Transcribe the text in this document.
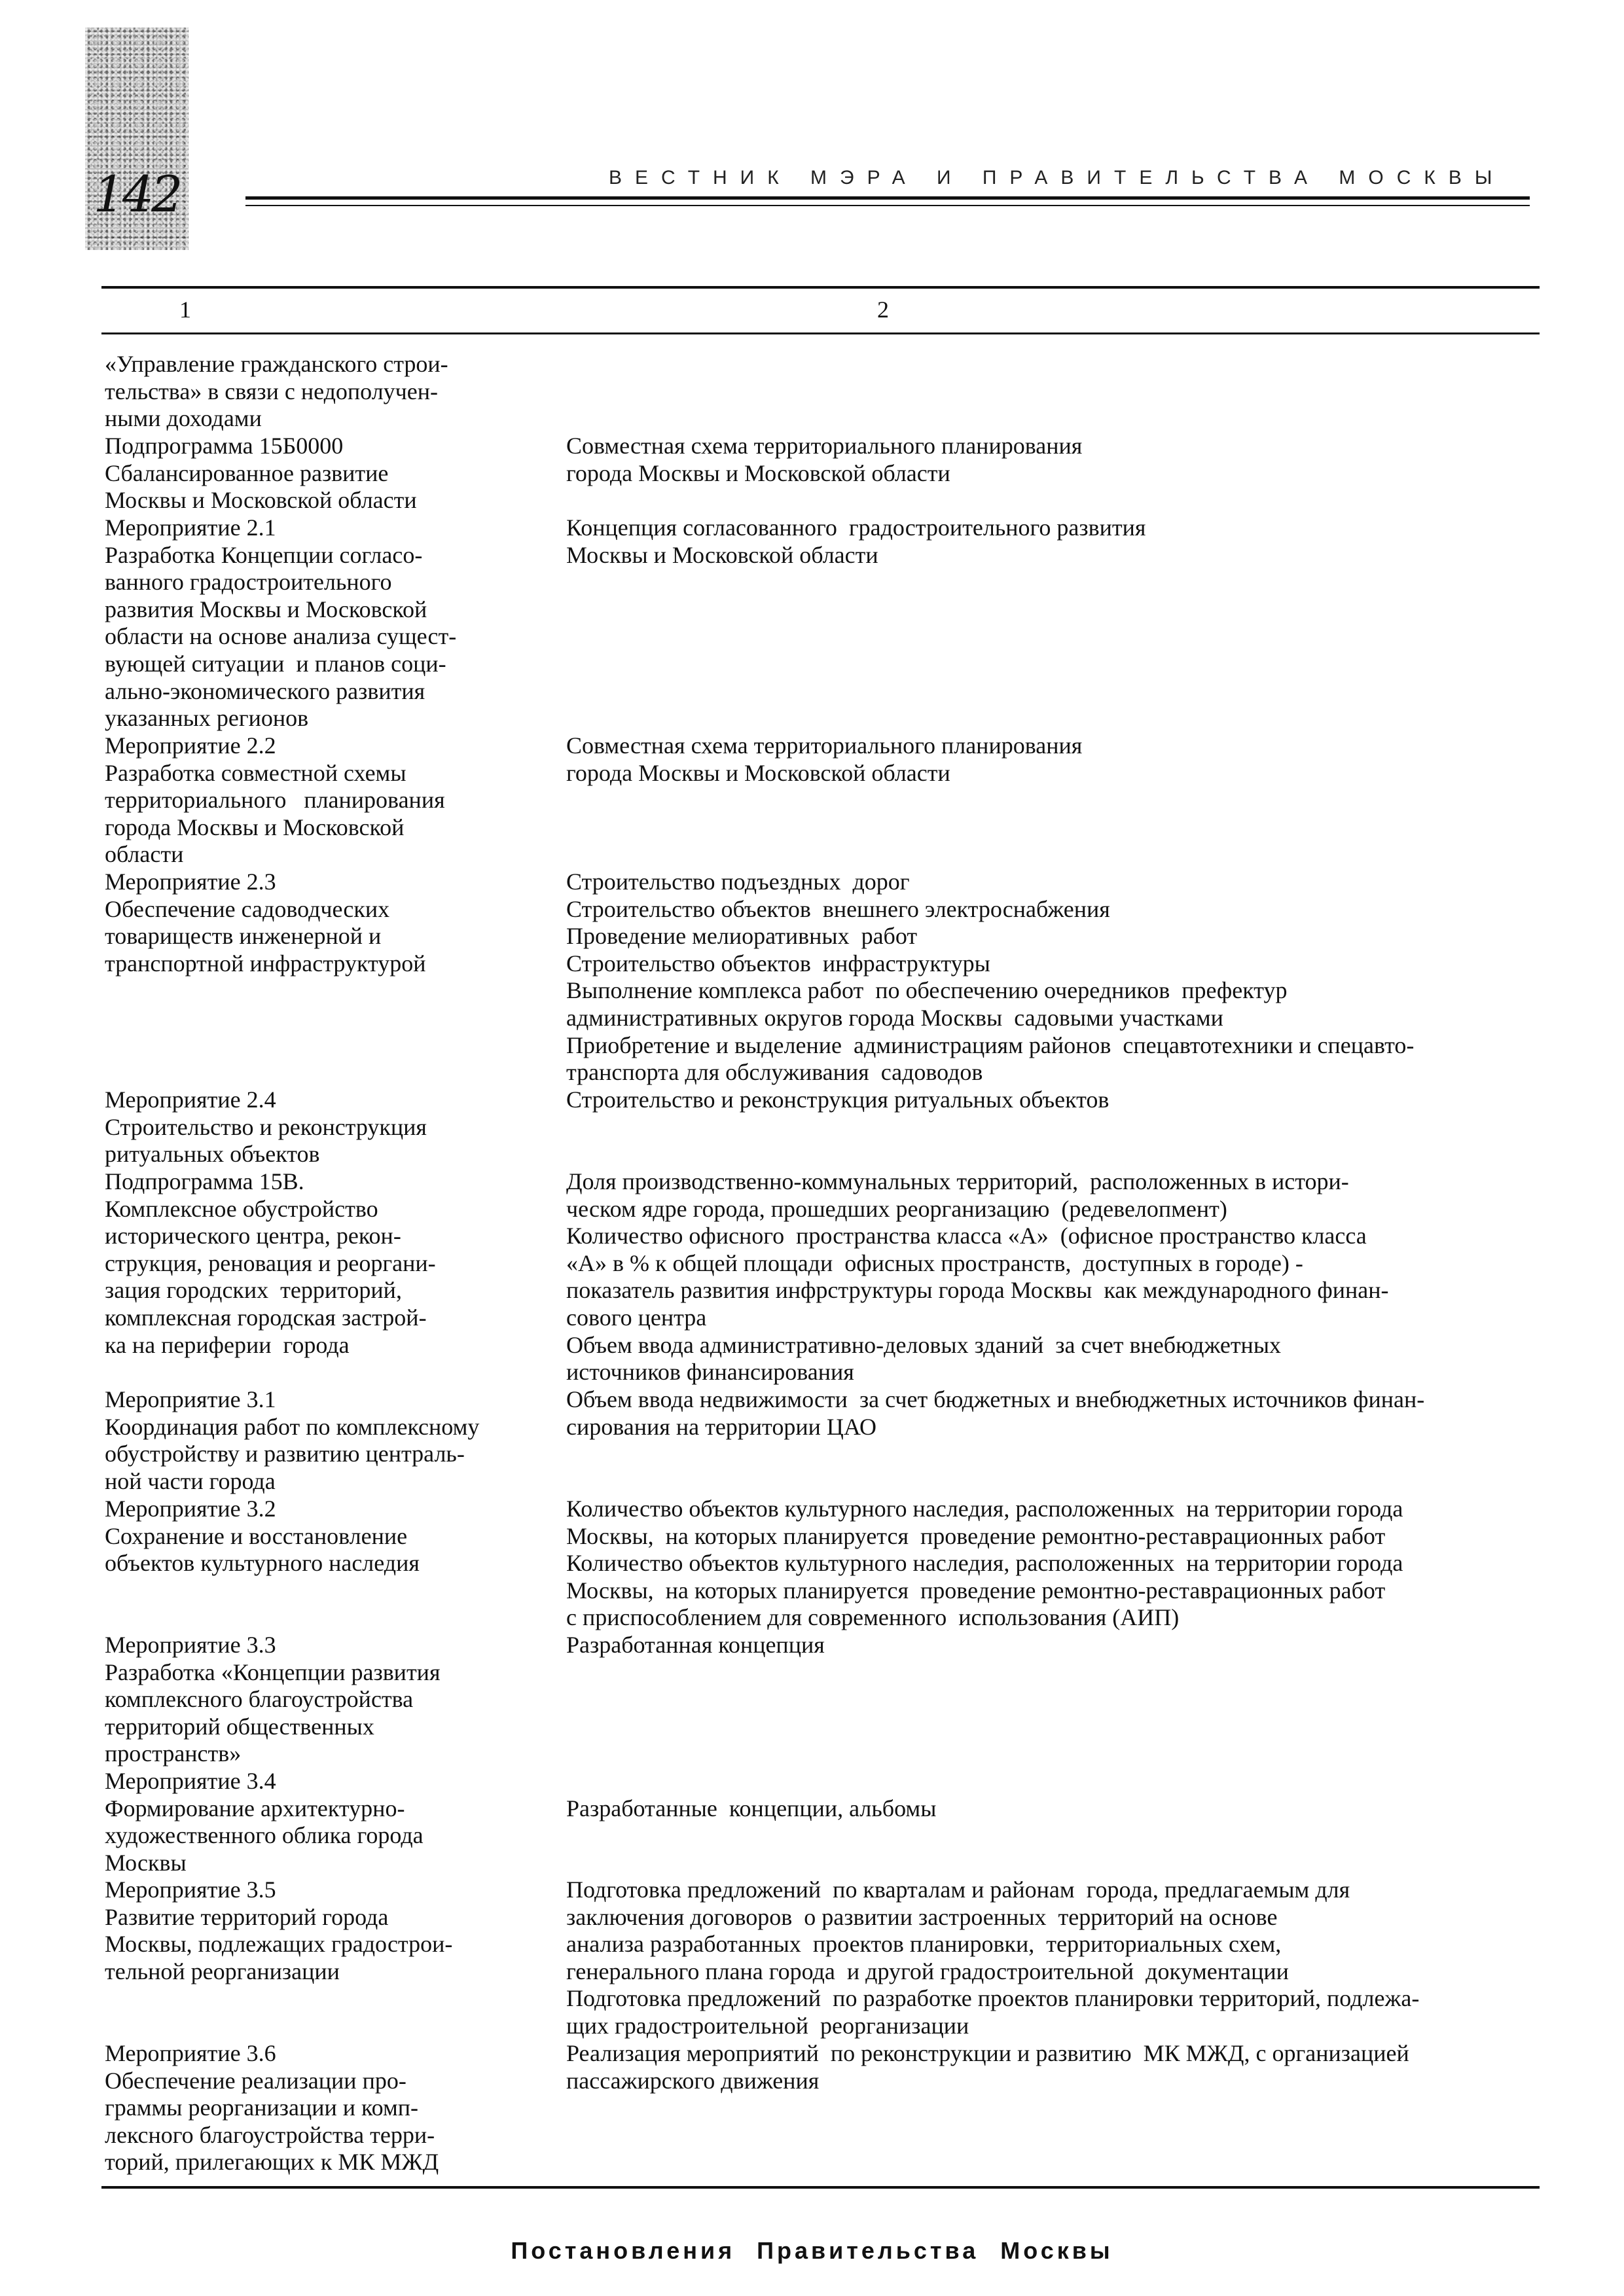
142	ВЕСТНИК МЭРА И ПРАВИТЕЛЬСТВА МОСКВЫ
1	2
«Управление гражданского строи-
тельства» в связи с недополучен-
ными доходами
Подпрограмма 15Б0000
Сбалансированное развитие
Москвы и Московской области
Совместная схема территориального планирования
города Москвы и Московской области
Мероприятие 2.1
Разработка Концепции согласо-
ванного градостроительного
развития Москвы и Московской
области на основе анализа сущест-
вующей ситуации  и планов соци-
ально-экономического развития
указанных регионов
Концепция согласованного  градостроительного развития
Москвы и Московской области
Мероприятие 2.2
Разработка совместной схемы
территориального   планирования
города Москвы и Московской
области
Совместная схема территориального планирования
города Москвы и Московской области
Мероприятие 2.3
Обеспечение садоводческих
товариществ инженерной и
транспортной инфраструктурой
Строительство подъездных  дорог
Строительство объектов  внешнего электроснабжения
Проведение мелиоративных  работ
Строительство объектов  инфраструктуры
Выполнение комплекса работ  по обеспечению очередников  префектур
административных округов города Москвы  садовыми участками
Приобретение и выделение  администрациям районов  спецавтотехники и спецавто-
транспорта для обслуживания  садоводов
Мероприятие 2.4
Строительство и реконструкция
ритуальных объектов
Строительство и реконструкция ритуальных объектов
Подпрограмма 15В.
Комплексное обустройство
исторического центра, рекон-
струкция, реновация и реоргани-
зация городских  территорий,
комплексная городская застрой-
ка на периферии  города
Доля производственно-коммунальных территорий,  расположенных в истори-
ческом ядре города, прошедших реорганизацию  (редевелопмент)
Количество офисного  пространства класса «А»  (офисное пространство класса
«А» в % к общей площади  офисных пространств,  доступных в городе) -
показатель развития инфрструктуры города Москвы  как международного финан-
сового центра
Объем ввода административно-деловых зданий  за счет внебюджетных
источников финансирования
Мероприятие 3.1
Координация работ по комплексному
обустройству и развитию централь-
ной части города
Объем ввода недвижимости  за счет бюджетных и внебюджетных источников финан-
сирования на территории ЦАО
Мероприятие 3.2
Сохранение и восстановление
объектов культурного наследия
Количество объектов культурного наследия, расположенных  на территории города
Москвы,  на которых планируется  проведение ремонтно-реставрационных работ
Количество объектов культурного наследия, расположенных  на территории города
Москвы,  на которых планируется  проведение ремонтно-реставрационных работ
с приспособлением для современного  использования (АИП)
Мероприятие 3.3
Разработка «Концепции развития
комплексного благоустройства
территорий общественных
пространств»
Разработанная концепция
Мероприятие 3.4
Формирование архитектурно-
художественного облика города
Москвы

Разработанные  концепции, альбомы
Мероприятие 3.5
Развитие территорий города
Москвы, подлежащих градострои-
тельной реорганизации
Подготовка предложений  по кварталам и районам  города, предлагаемым для
заключения договоров  о развитии застроенных  территорий на основе
анализа разработанных  проектов планировки,  территориальных схем,
генерального плана города  и другой градостроительной  документации
Подготовка предложений  по разработке проектов планировки территорий, подлежа-
щих градостроительной  реорганизации
Мероприятие 3.6
Обеспечение реализации про-
граммы реорганизации и комп-
лексного благоустройства терри-
торий, прилегающих к МК МЖД
Реализация мероприятий  по реконструкции и развитию  МК МЖД, с организацией
пассажирского движения
Постановления Правительства Москвы
